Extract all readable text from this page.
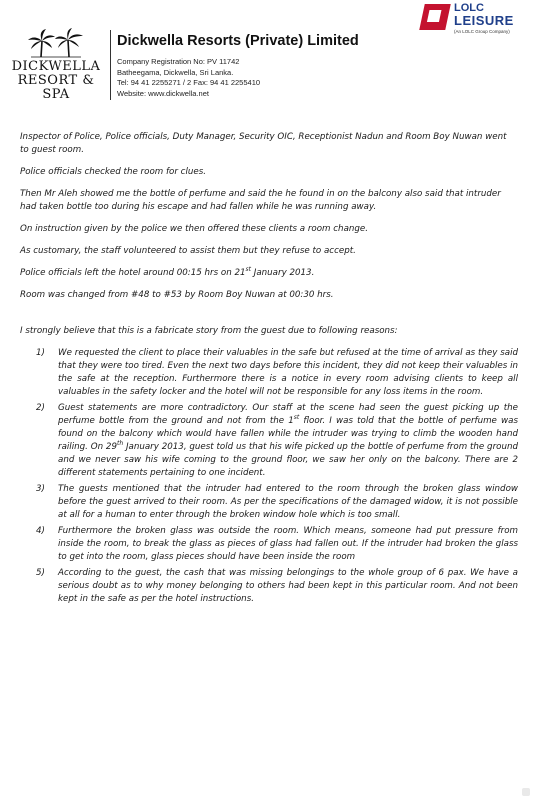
DICKWELLA
RESORT & SPA
Dickwella Resorts (Private) Limited
Company Registration No: PV 11742
Batheegama, Dickwella, Sri Lanka.
Tel: 94 41 2255271 / 2 Fax: 94 41 2255410
Website: www.dickwella.net
LOLC
LEISURE
(An LOLC Group Company)

Inspector of Police, Police officials, Duty Manager, Security OIC, Receptionist Nadun and Room Boy Nuwan went to guest room.

Police officials checked the room for clues.

Then Mr Aleh showed me the bottle of perfume and said the he found in on the balcony also said that intruder had taken bottle too during his escape and had fallen while he was running away.

On instruction given by the police we then offered these clients a room change.

As customary, the staff volunteered to assist them but they refuse to accept.

Police officials left the hotel around 00:15 hrs on 21st January 2013.

Room was changed from #48 to #53 by Room Boy Nuwan at 00:30 hrs.

I strongly believe that this is a fabricate story from the guest due to following reasons:

1) We requested the client to place their valuables in the safe but refused at the time of arrival as they said that they were too tired. Even the next two days before this incident, they did not keep their valuables in the safe at the reception. Furthermore there is a notice in every room advising clients to keep all valuables in the safety locker and the hotel will not be responsible for any loss items in the room.
2) Guest statements are more contradictory. Our staff at the scene had seen the guest picking up the perfume bottle from the ground and not from the 1st floor. I was told that the bottle of perfume was found on the balcony which would have fallen while the intruder was trying to climb the wooden hand railing. On 29th January 2013, guest told us that his wife picked up the bottle of perfume from the ground and we never saw his wife coming to the ground floor, we saw her only on the balcony. There are 2 different statements pertaining to one incident.
3) The guests mentioned that the intruder had entered to the room through the broken glass window before the guest arrived to their room. As per the specifications of the damaged widow, it is not possible at all for a human to enter through the broken window hole which is too small.
4) Furthermore the broken glass was outside the room. Which means, someone had put pressure from inside the room, to break the glass as pieces of glass had fallen out. If the intruder had broken the glass to get into the room, glass pieces should have been inside the room
5) According to the guest, the cash that was missing belongings to the whole group of 6 pax. We have a serious doubt as to why money belonging to others had been kept in this particular room. And not been kept in the safe as per the hotel instructions.
